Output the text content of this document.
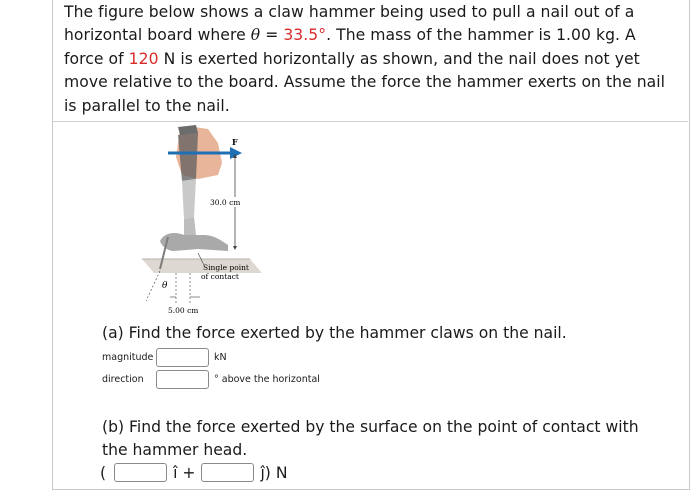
The figure below shows a claw hammer being used to pull a nail out of a horizontal board where θ = 33.5°. The mass of the hammer is 1.00 kg. A force of 120 N is exerted horizontally as shown, and the nail does not yet move relative to the board. Assume the force the hammer exerts on the nail is parallel to the nail.
F
30.0 cm
Single point
of contact
θ
5.00 cm
(a) Find the force exerted by the hammer claws on the nail.
magnitude	kN
direction	° above the horizontal
(b) Find the force exerted by the surface on the point of contact with
the hammer head.
(	î +	ĵ) N
